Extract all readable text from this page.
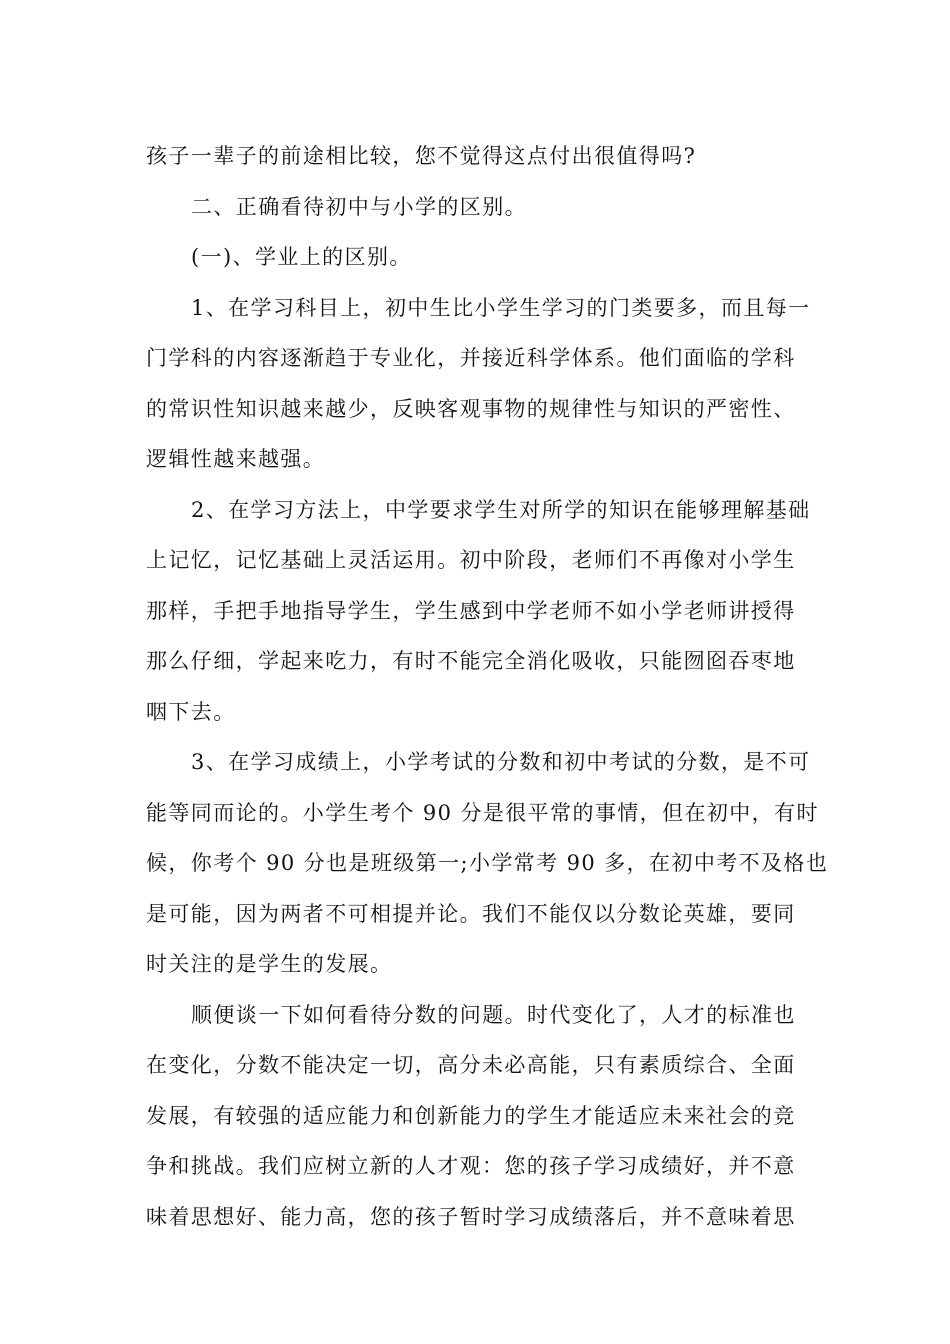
孩子一辈子的前途相比较，您不觉得这点付出很值得吗?
二、正确看待初中与小学的区别。
(一)、学业上的区别。
1、在学习科目上，初中生比小学生学习的门类要多，而且每一
门学科的内容逐渐趋于专业化，并接近科学体系。他们面临的学科
的常识性知识越来越少，反映客观事物的规律性与知识的严密性、
逻辑性越来越强。
2、在学习方法上，中学要求学生对所学的知识在能够理解基础
上记忆，记忆基础上灵活运用。初中阶段，老师们不再像对小学生
那样，手把手地指导学生，学生感到中学老师不如小学老师讲授得
那么仔细，学起来吃力，有时不能完全消化吸收，只能囫囵吞枣地
咽下去。
3、在学习成绩上，小学考试的分数和初中考试的分数，是不可
能等同而论的。小学生考个 90 分是很平常的事情，但在初中，有时
候，你考个 90 分也是班级第一;小学常考 90 多，在初中考不及格也
是可能，因为两者不可相提并论。我们不能仅以分数论英雄，要同
时关注的是学生的发展。
顺便谈一下如何看待分数的问题。时代变化了，人才的标准也
在变化，分数不能决定一切，高分未必高能，只有素质综合、全面
发展，有较强的适应能力和创新能力的学生才能适应未来社会的竞
争和挑战。我们应树立新的人才观：您的孩子学习成绩好，并不意
味着思想好、能力高，您的孩子暂时学习成绩落后，并不意味着思
